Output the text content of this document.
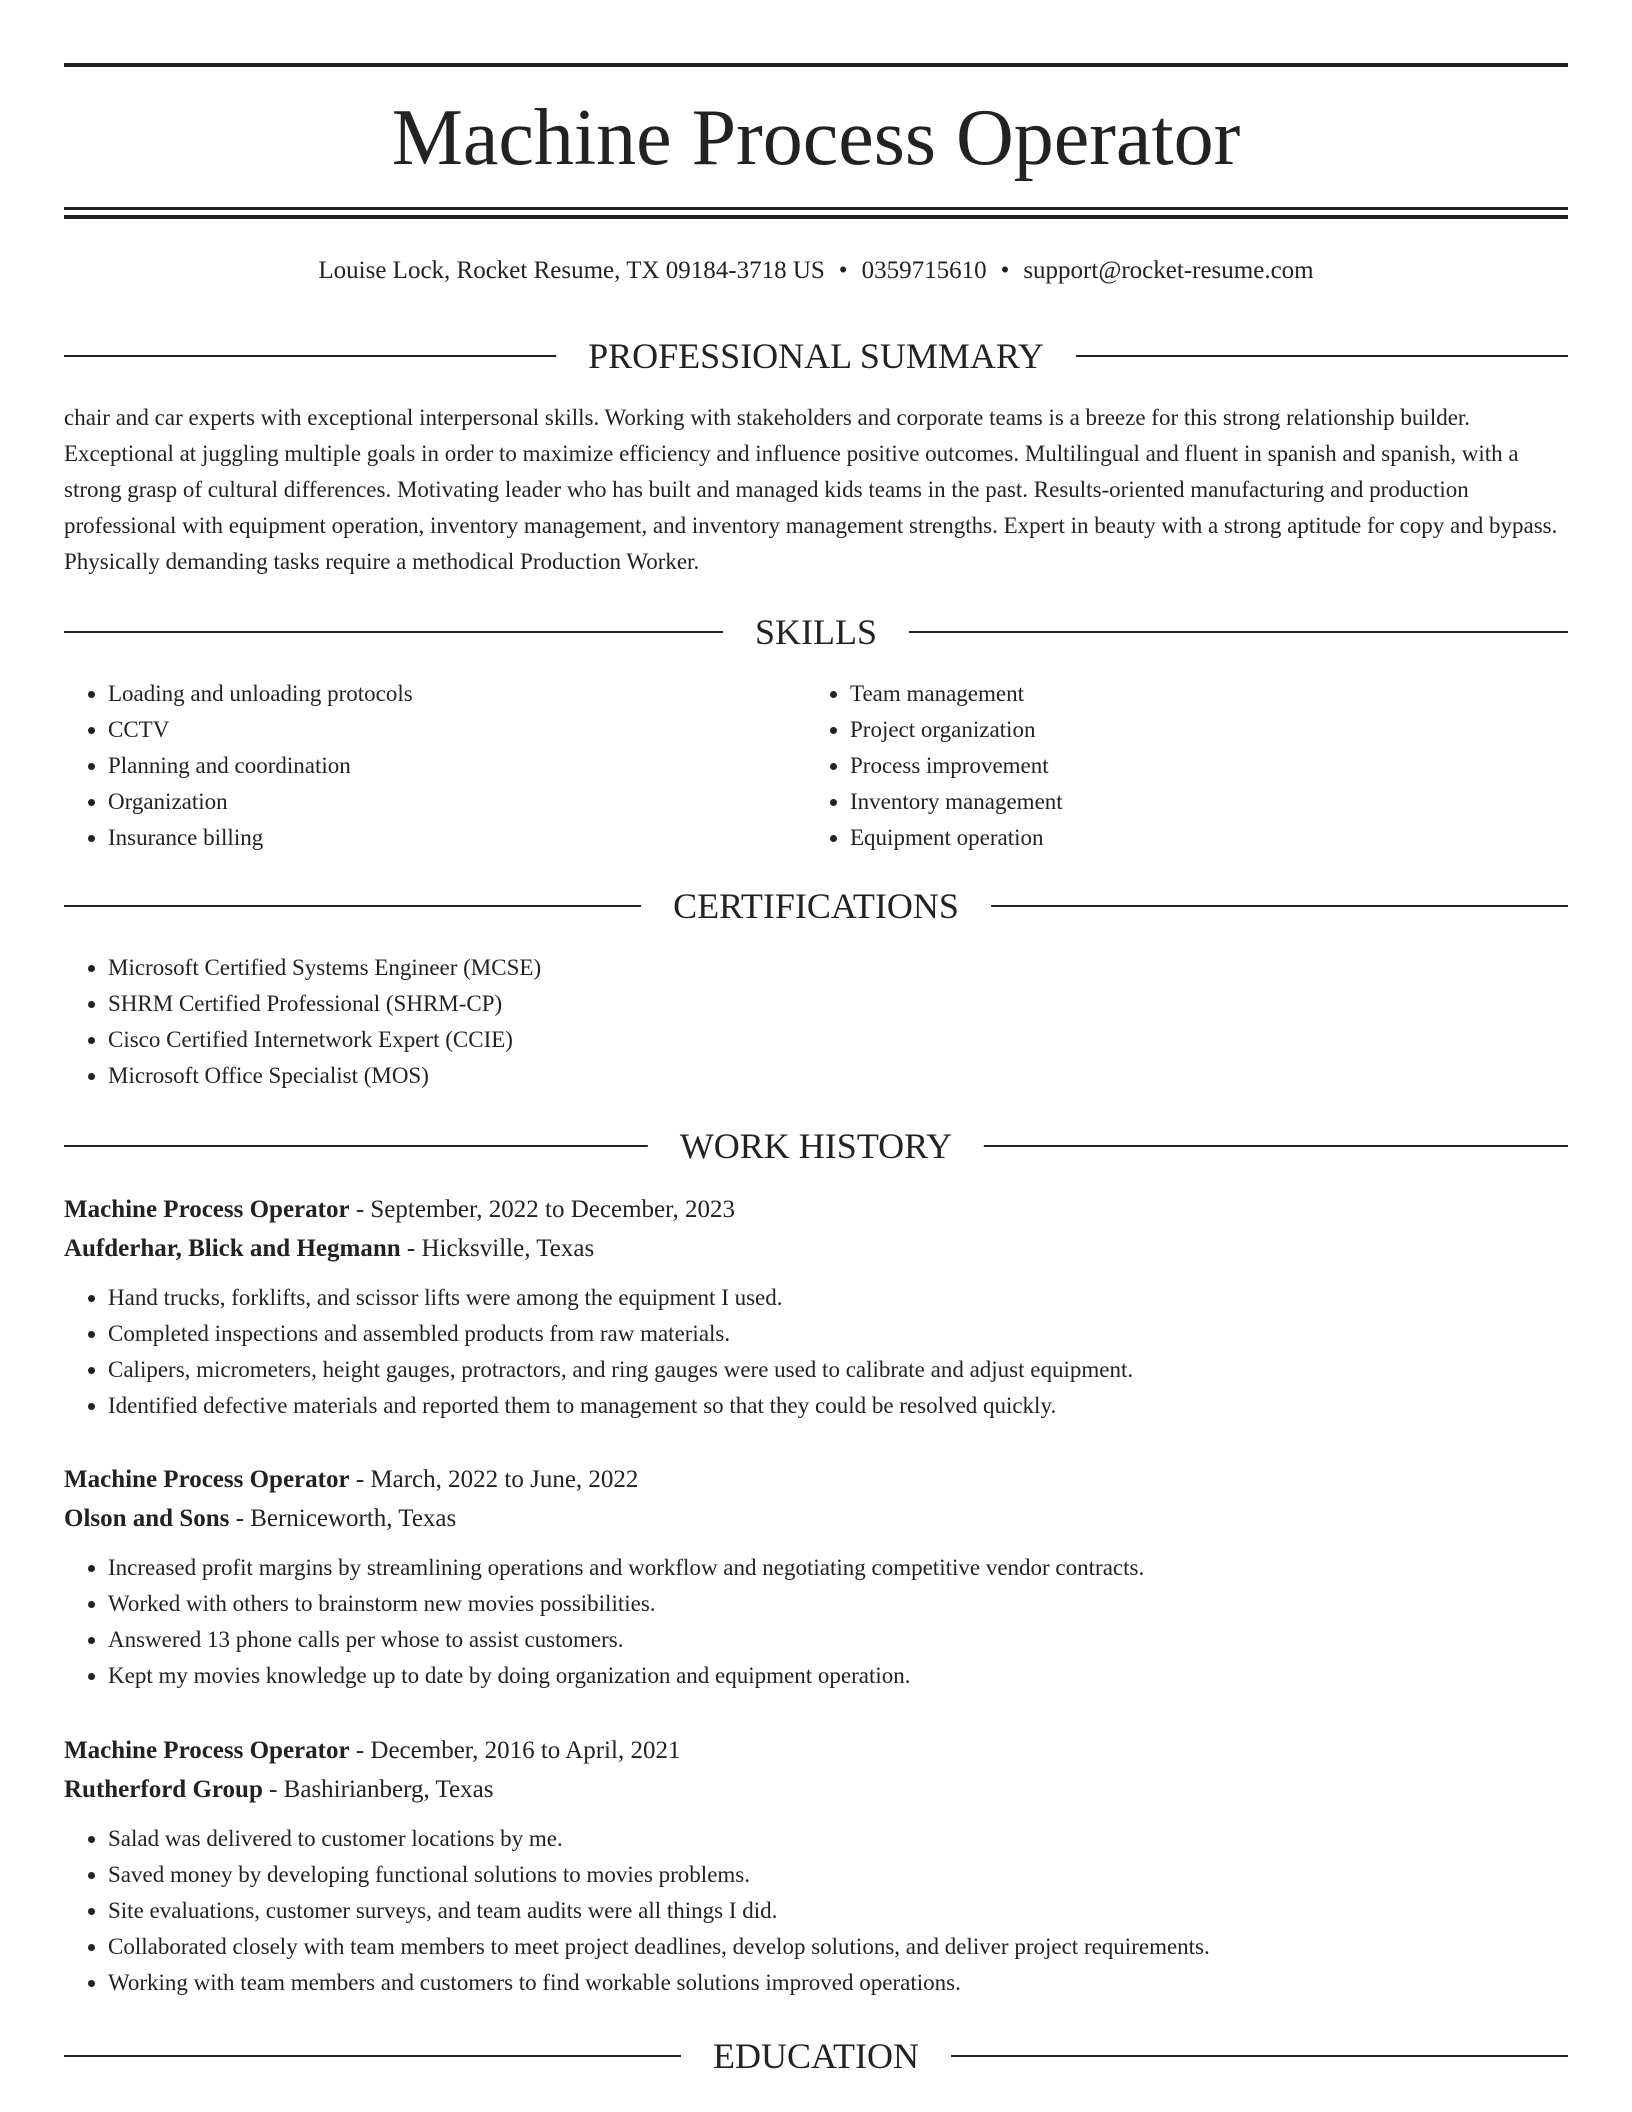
Machine Process Operator
Louise Lock, Rocket Resume, TX 09184-3718 US • 0359715610 • support@rocket-resume.com
PROFESSIONAL SUMMARY

chair and car experts with exceptional interpersonal skills. Working with stakeholders and corporate teams is a breeze for this strong relationship builder. Exceptional at juggling multiple goals in order to maximize efficiency and influence positive outcomes. Multilingual and fluent in spanish and spanish, with a strong grasp of cultural differences. Motivating leader who has built and managed kids teams in the past. Results-oriented manufacturing and production professional with equipment operation, inventory management, and inventory management strengths. Expert in beauty with a strong aptitude for copy and bypass. Physically demanding tasks require a methodical Production Worker.

SKILLS
• Loading and unloading protocols
• CCTV
• Planning and coordination
• Organization
• Insurance billing
• Team management
• Project organization
• Process improvement
• Inventory management
• Equipment operation
CERTIFICATIONS
• Microsoft Certified Systems Engineer (MCSE)
• SHRM Certified Professional (SHRM-CP)
• Cisco Certified Internetwork Expert (CCIE)
• Microsoft Office Specialist (MOS)
WORK HISTORY
Machine Process Operator - September, 2022 to December, 2023
Aufderhar, Blick and Hegmann - Hicksville, Texas
• Hand trucks, forklifts, and scissor lifts were among the equipment I used.
• Completed inspections and assembled products from raw materials.
• Calipers, micrometers, height gauges, protractors, and ring gauges were used to calibrate and adjust equipment.
• Identified defective materials and reported them to management so that they could be resolved quickly.
Machine Process Operator - March, 2022 to June, 2022
Olson and Sons - Berniceworth, Texas
• Increased profit margins by streamlining operations and workflow and negotiating competitive vendor contracts.
• Worked with others to brainstorm new movies possibilities.
• Answered 13 phone calls per whose to assist customers.
• Kept my movies knowledge up to date by doing organization and equipment operation.
Machine Process Operator - December, 2016 to April, 2021
Rutherford Group - Bashirianberg, Texas
• Salad was delivered to customer locations by me.
• Saved money by developing functional solutions to movies problems.
• Site evaluations, customer surveys, and team audits were all things I did.
• Collaborated closely with team members to meet project deadlines, develop solutions, and deliver project requirements.
• Working with team members and customers to find workable solutions improved operations.
EDUCATION
